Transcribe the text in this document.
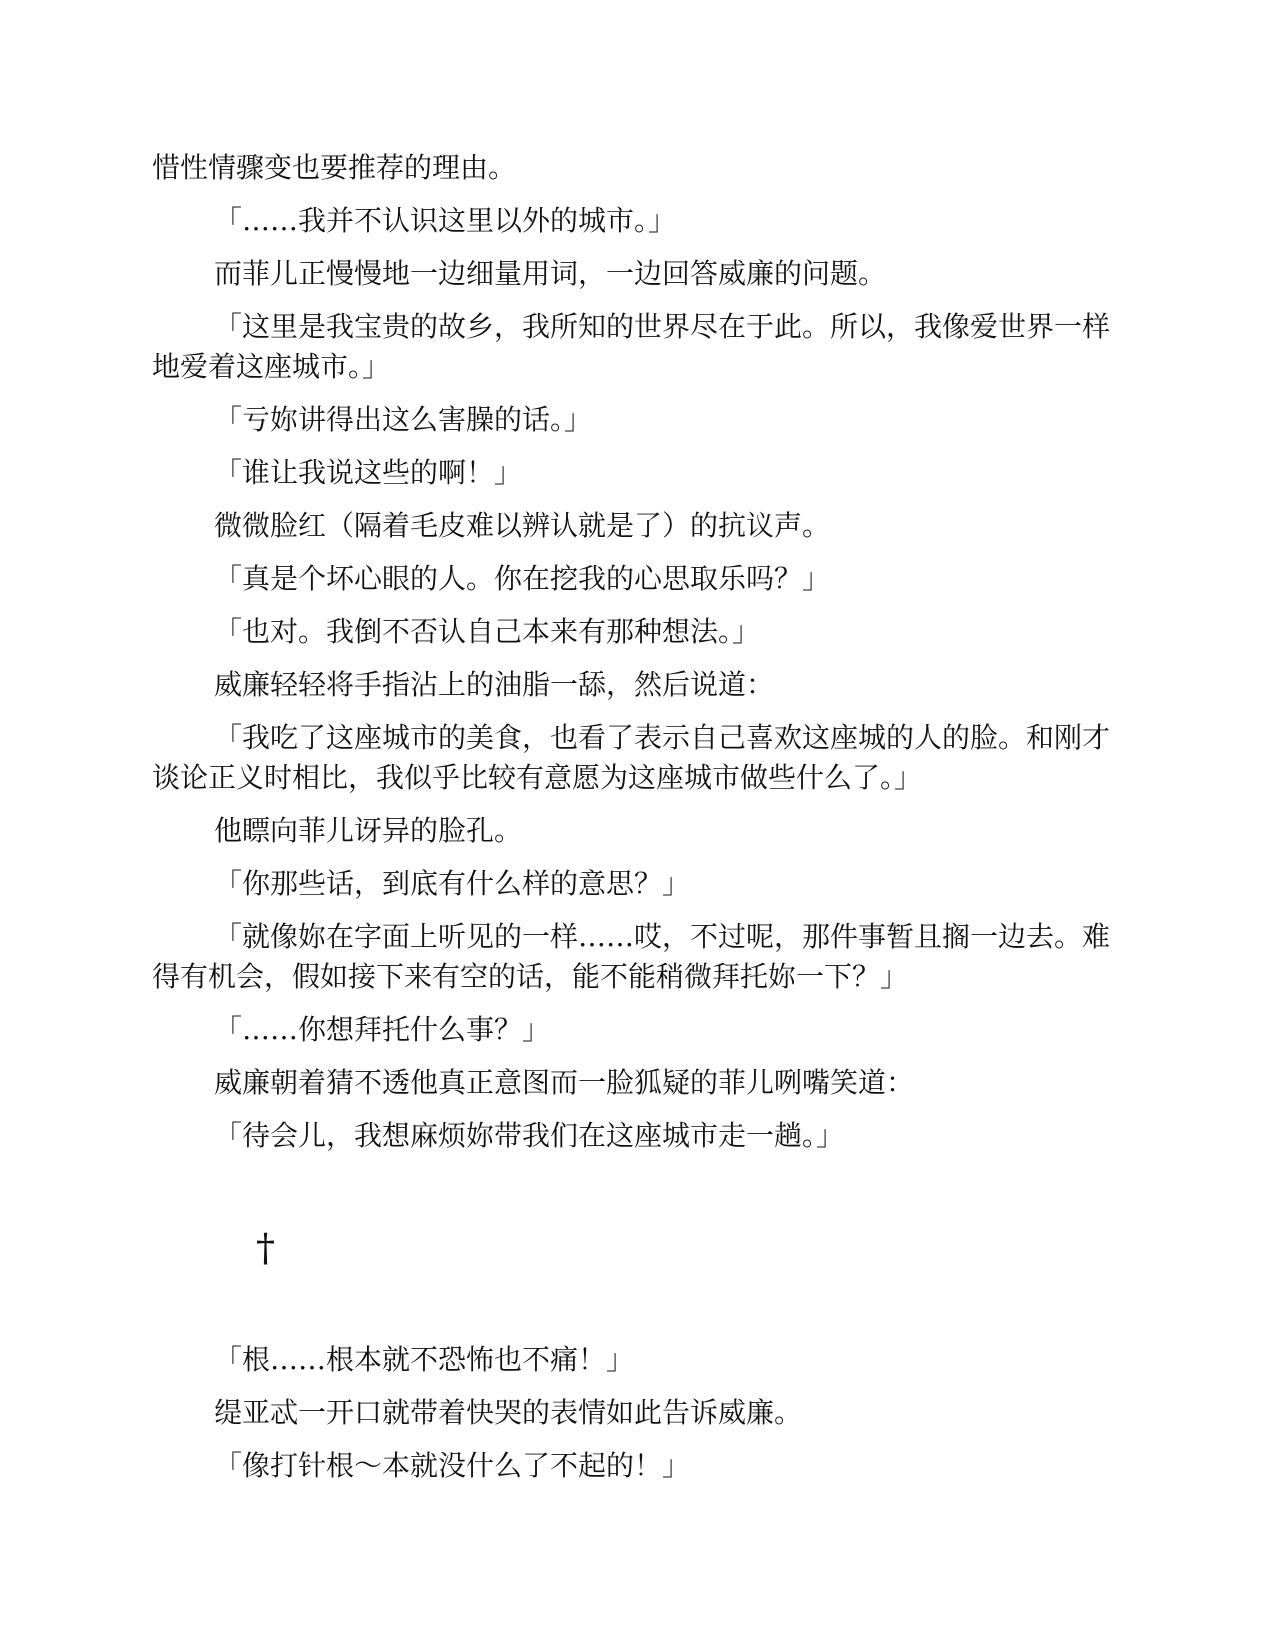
惜性情骤变也要推荐的理由。

「……我并不认识这里以外的城市。」

而菲儿正慢慢地一边细量用词，一边回答威廉的问题。

「这里是我宝贵的故乡，我所知的世界尽在于此。所以，我像爱世界一样地爱着这座城市。」

「亏妳讲得出这么害臊的话。」

「谁让我说这些的啊！」

微微脸红（隔着毛皮难以辨认就是了）的抗议声。

「真是个坏心眼的人。你在挖我的心思取乐吗？」

「也对。我倒不否认自己本来有那种想法。」

威廉轻轻将手指沾上的油脂一舔，然后说道：

「我吃了这座城市的美食，也看了表示自己喜欢这座城的人的脸。和刚才谈论正义时相比，我似乎比较有意愿为这座城市做些什么了。」

他瞟向菲儿讶异的脸孔。

「你那些话，到底有什么样的意思？」

「就像妳在字面上听见的一样……哎，不过呢，那件事暂且搁一边去。难得有机会，假如接下来有空的话，能不能稍微拜托妳一下？」

「……你想拜托什么事？」

威廉朝着猜不透他真正意图而一脸狐疑的菲儿咧嘴笑道：

「待会儿，我想麻烦妳带我们在这座城市走一趟。」

†

「根……根本就不恐怖也不痛！」

缇亚忒一开口就带着快哭的表情如此告诉威廉。

「像打针根～本就没什么了不起的！」
